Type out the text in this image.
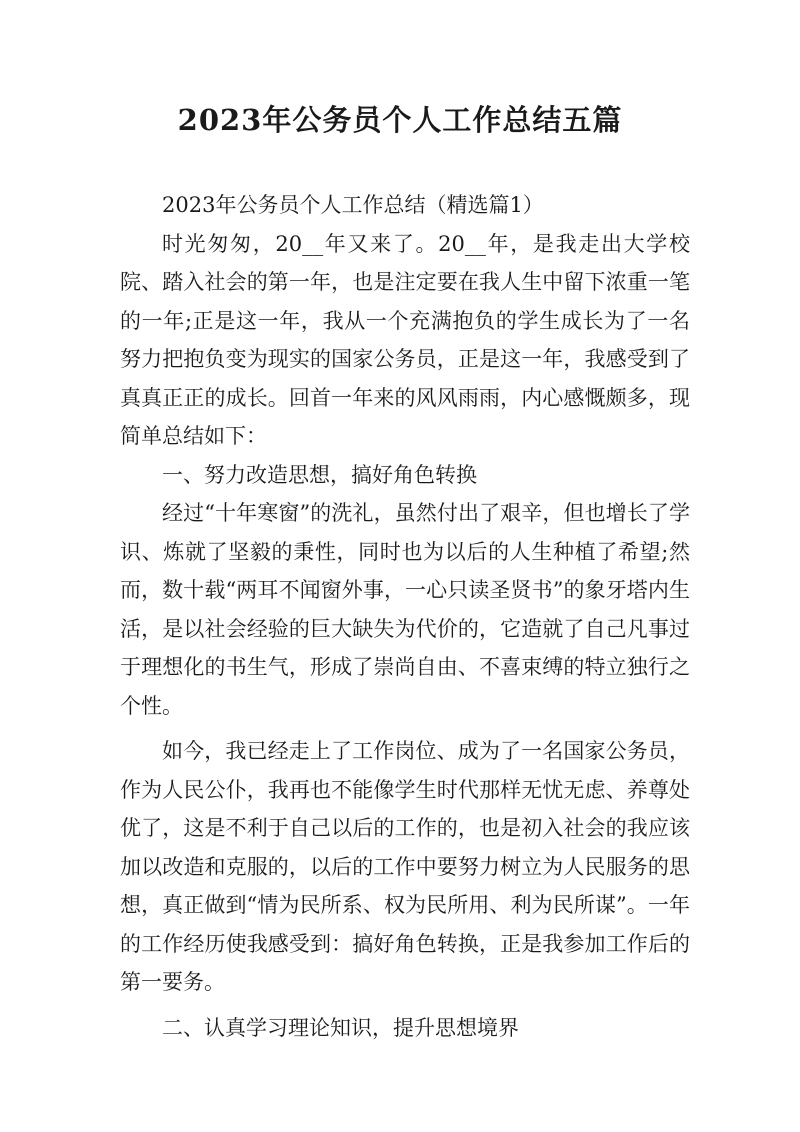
2023年公务员个人工作总结五篇

2023年公务员个人工作总结（精选篇1）

时光匆匆，20__年又来了。20__年，是我走出大学校院、踏入社会的第一年，也是注定要在我人生中留下浓重一笔的一年;正是这一年，我从一个充满抱负的学生成长为了一名努力把抱负变为现实的国家公务员，正是这一年，我感受到了真真正正的成长。回首一年来的风风雨雨，内心感慨颇多，现简单总结如下：

一、努力改造思想，搞好角色转换

经过“十年寒窗”的洗礼，虽然付出了艰辛，但也增长了学识、炼就了坚毅的秉性，同时也为以后的人生种植了希望;然而，数十载“两耳不闻窗外事，一心只读圣贤书”的象牙塔内生活，是以社会经验的巨大缺失为代价的，它造就了自己凡事过于理想化的书生气，形成了崇尚自由、不喜束缚的特立独行之个性。

如今，我已经走上了工作岗位、成为了一名国家公务员，作为人民公仆，我再也不能像学生时代那样无忧无虑、养尊处优了，这是不利于自己以后的工作的，也是初入社会的我应该加以改造和克服的，以后的工作中要努力树立为人民服务的思想，真正做到“情为民所系、权为民所用、利为民所谋”。一年的工作经历使我感受到：搞好角色转换，正是我参加工作后的第一要务。

二、认真学习理论知识，提升思想境界
